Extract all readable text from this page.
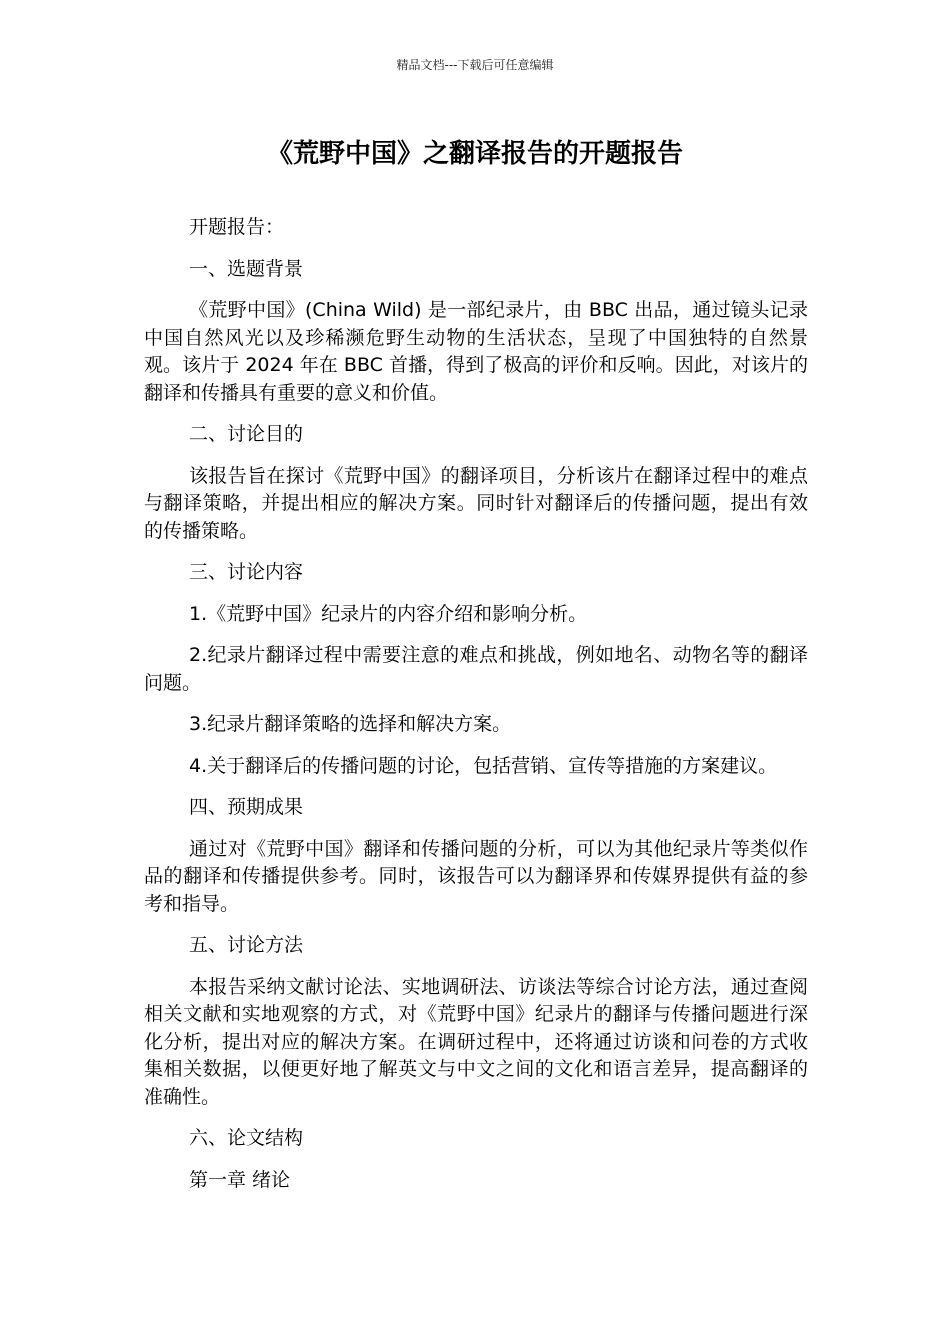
精品文档---下载后可任意编辑
《荒野中国》之翻译报告的开题报告

开题报告：

一、选题背景

《荒野中国》(China Wild) 是一部纪录片，由 BBC 出品，通过镜头记录中国自然风光以及珍稀濒危野生动物的生活状态，呈现了中国独特的自然景观。该片于 2024 年在 BBC 首播，得到了极高的评价和反响。因此，对该片的翻译和传播具有重要的意义和价值。

二、讨论目的

该报告旨在探讨《荒野中国》的翻译项目，分析该片在翻译过程中的难点与翻译策略，并提出相应的解决方案。同时针对翻译后的传播问题，提出有效的传播策略。

三、讨论内容

1.《荒野中国》纪录片的内容介绍和影响分析。

2.纪录片翻译过程中需要注意的难点和挑战，例如地名、动物名等的翻译问题。

3.纪录片翻译策略的选择和解决方案。

4.关于翻译后的传播问题的讨论，包括营销、宣传等措施的方案建议。

四、预期成果

通过对《荒野中国》翻译和传播问题的分析，可以为其他纪录片等类似作品的翻译和传播提供参考。同时，该报告可以为翻译界和传媒界提供有益的参考和指导。

五、讨论方法

本报告采纳文献讨论法、实地调研法、访谈法等综合讨论方法，通过查阅相关文献和实地观察的方式，对《荒野中国》纪录片的翻译与传播问题进行深化分析，提出对应的解决方案。在调研过程中，还将通过访谈和问卷的方式收集相关数据，以便更好地了解英文与中文之间的文化和语言差异，提高翻译的准确性。

六、论文结构

第一章 绪论
